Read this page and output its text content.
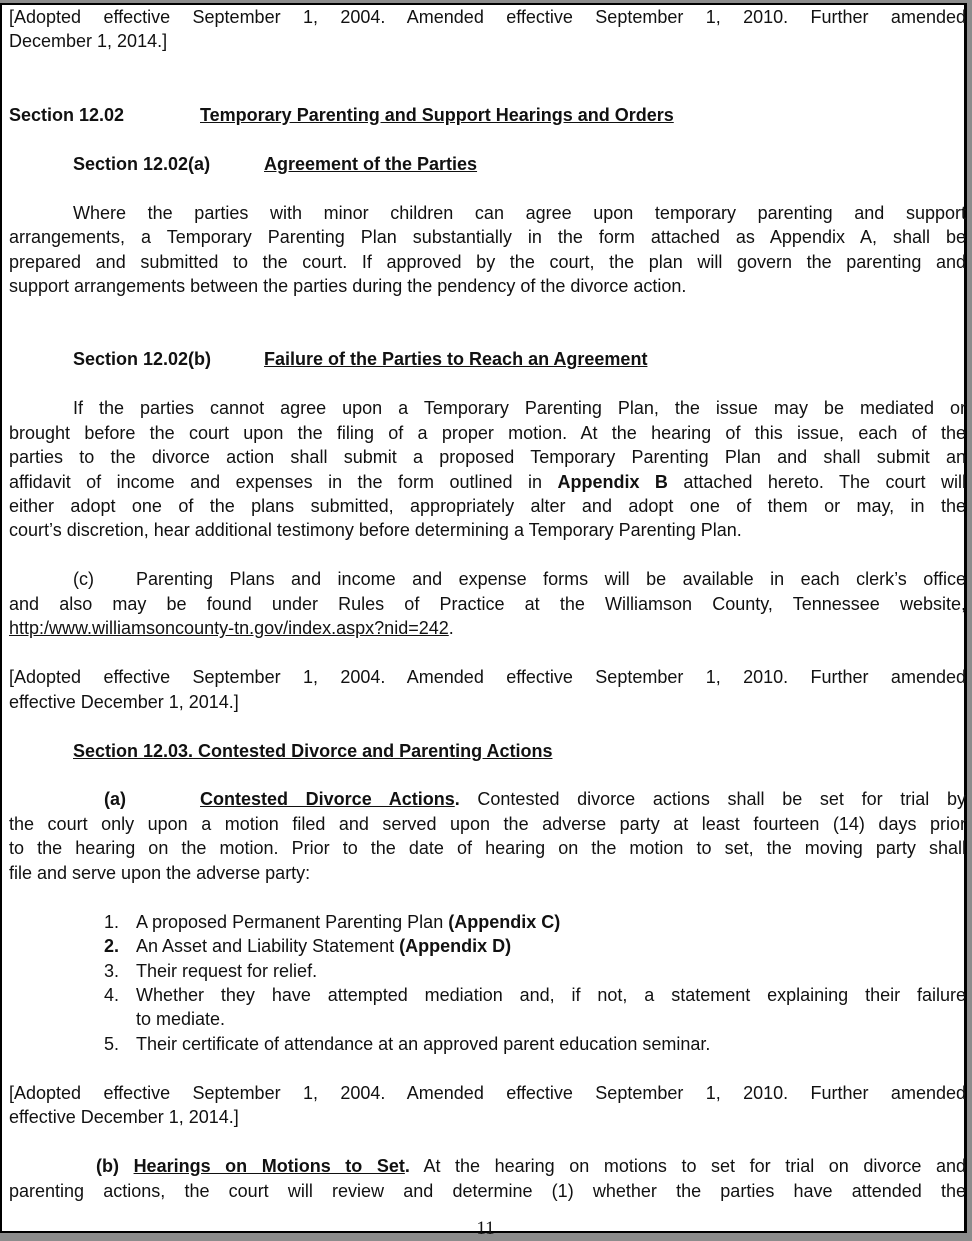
[Adopted effective September 1, 2004. Amended effective September 1, 2010. Further amended
December 1, 2014.]
Section 12.02	Temporary Parenting and Support Hearings and Orders
Section 12.02(a)	Agreement of the Parties
Where the parties with minor children can agree upon temporary parenting and support
arrangements, a Temporary Parenting Plan substantially in the form attached as Appendix A, shall be
prepared and submitted to the court. If approved by the court, the plan will govern the parenting and
support arrangements between the parties during the pendency of the divorce action.
Section 12.02(b)	Failure of the Parties to Reach an Agreement
If the parties cannot agree upon a Temporary Parenting Plan, the issue may be mediated or
brought before the court upon the filing of a proper motion. At the hearing of this issue, each of the
parties to the divorce action shall submit a proposed Temporary Parenting Plan and shall submit an
affidavit of income and expenses in the form outlined in Appendix B attached hereto. The court will
either adopt one of the plans submitted, appropriately alter and adopt one of them or may, in the
court’s discretion, hear additional testimony before determining a Temporary Parenting Plan.
(c) Parenting Plans and income and expense forms will be available in each clerk’s office
and also may be found under Rules of Practice at the Williamson County, Tennessee website,
http:/www.williamsoncounty-tn.gov/index.aspx?nid=242.
[Adopted effective September 1, 2004. Amended effective September 1, 2010. Further amended
effective December 1, 2014.]
Section 12.03. Contested Divorce and Parenting Actions
(a)	Contested Divorce Actions. Contested divorce actions shall be set for trial by
the court only upon a motion filed and served upon the adverse party at least fourteen (14) days prior
to the hearing on the motion. Prior to the date of hearing on the motion to set, the moving party shall
file and serve upon the adverse party:
1. A proposed Permanent Parenting Plan (Appendix C)
2. An Asset and Liability Statement (Appendix D)
3. Their request for relief.
4. Whether they have attempted mediation and, if not, a statement explaining their failure
to mediate.
5. Their certificate of attendance at an approved parent education seminar.
[Adopted effective September 1, 2004. Amended effective September 1, 2010. Further amended
effective December 1, 2014.]
(b) Hearings on Motions to Set. At the hearing on motions to set for trial on divorce and
parenting actions, the court will review and determine (1) whether the parties have attended the
11
